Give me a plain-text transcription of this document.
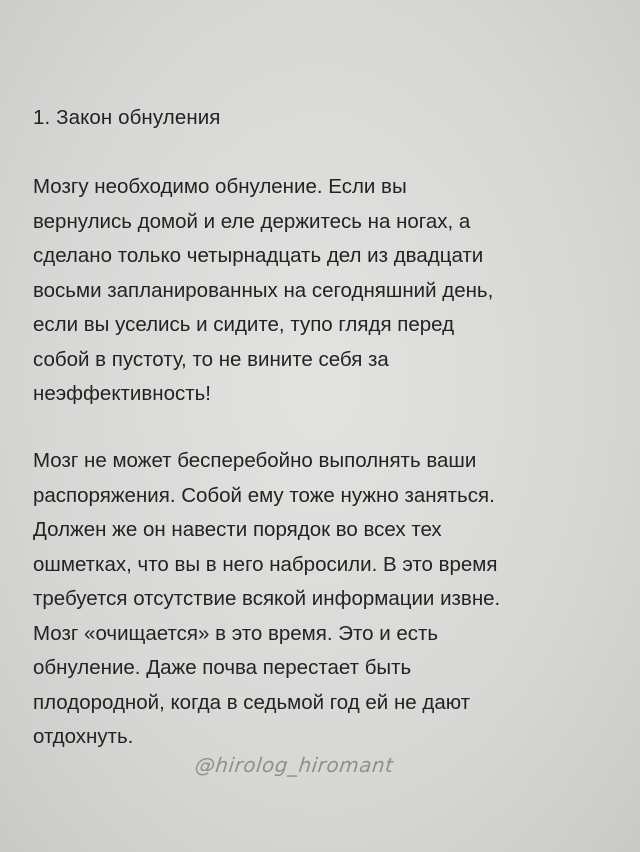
1. Закон обнуления

Мозгу необходимо обнуление. Если вы
вернулись домой и еле держитесь на ногах, а
сделано только четырнадцать дел из двадцати
восьми запланированных на сегодняшний день,
если вы уселись и сидите, тупо глядя перед
собой в пустоту, то не вините себя за
неэффективность!

Мозг не может бесперебойно выполнять ваши
распоряжения. Собой ему тоже нужно заняться.
Должен же он навести порядок во всех тех
ошметках, что вы в него набросили. В это время
требуется отсутствие всякой информации извне.
Мозг «очищается» в это время. Это и есть
обнуление. Даже почва перестает быть
плодородной, когда в седьмой год ей не дают
отдохнуть.

@hirolog_hiromant
